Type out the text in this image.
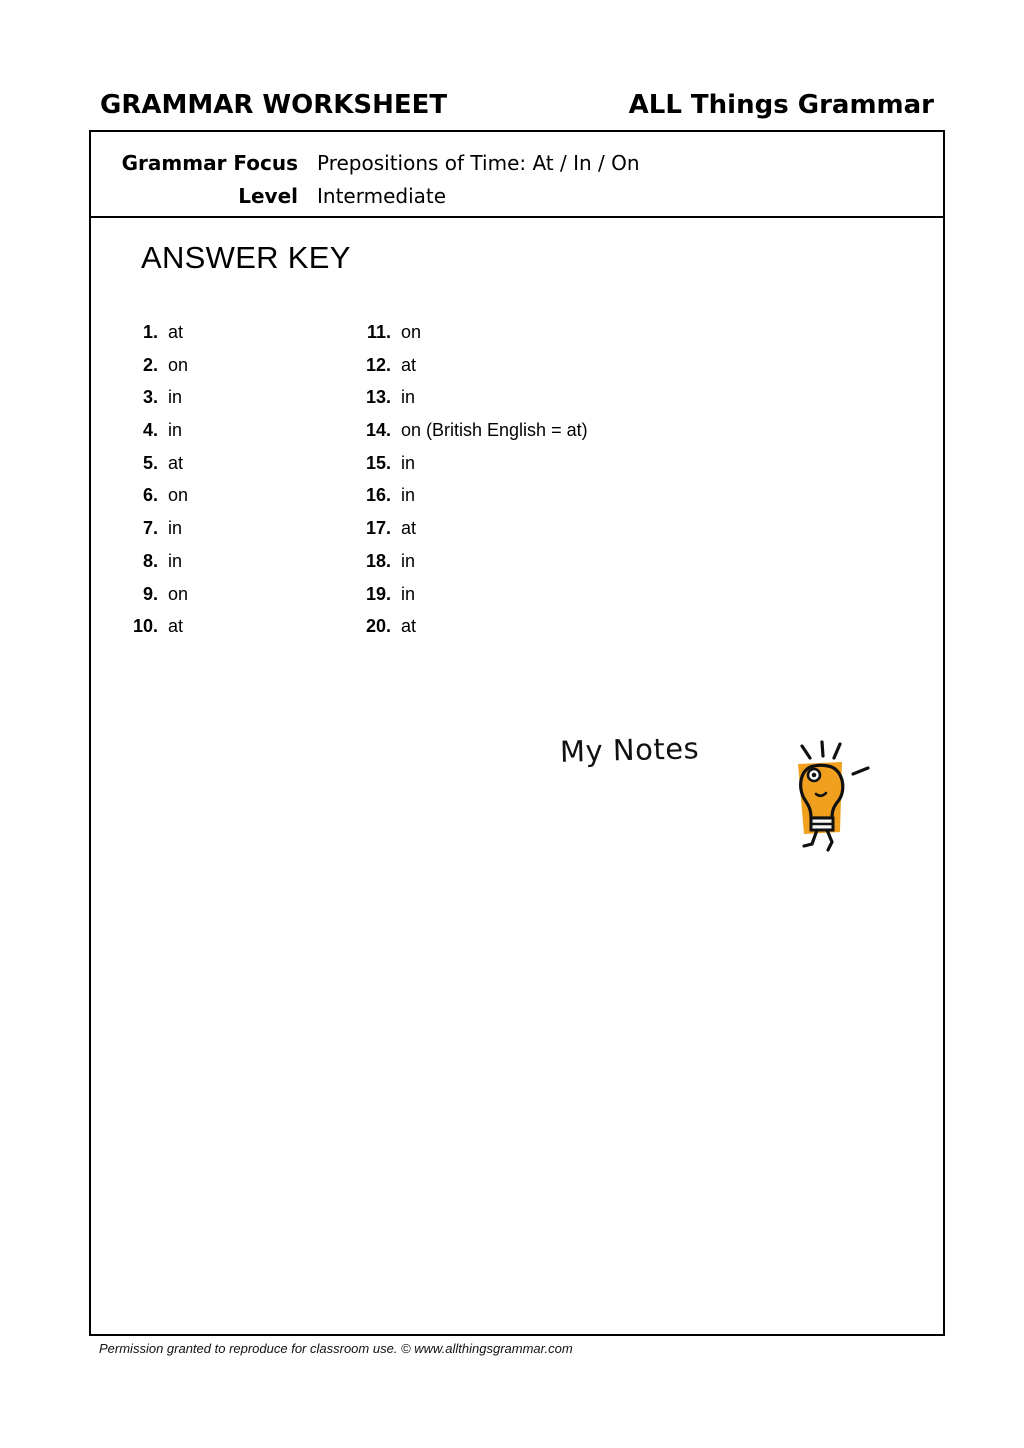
GRAMMAR WORKSHEET	ALL Things Grammar
Grammar Focus Prepositions of Time: At / In / On
Level Intermediate
ANSWER KEY
1. at
2. on
3. in
4. in
5. at
6. on
7. in
8. in
9. on
10. at
11. on
12. at
13. in
14. on (British English = at)
15. in
16. in
17. at
18. in
19. in
20. at
My Notes
Permission granted to reproduce for classroom use. © www.allthingsgrammar.com
